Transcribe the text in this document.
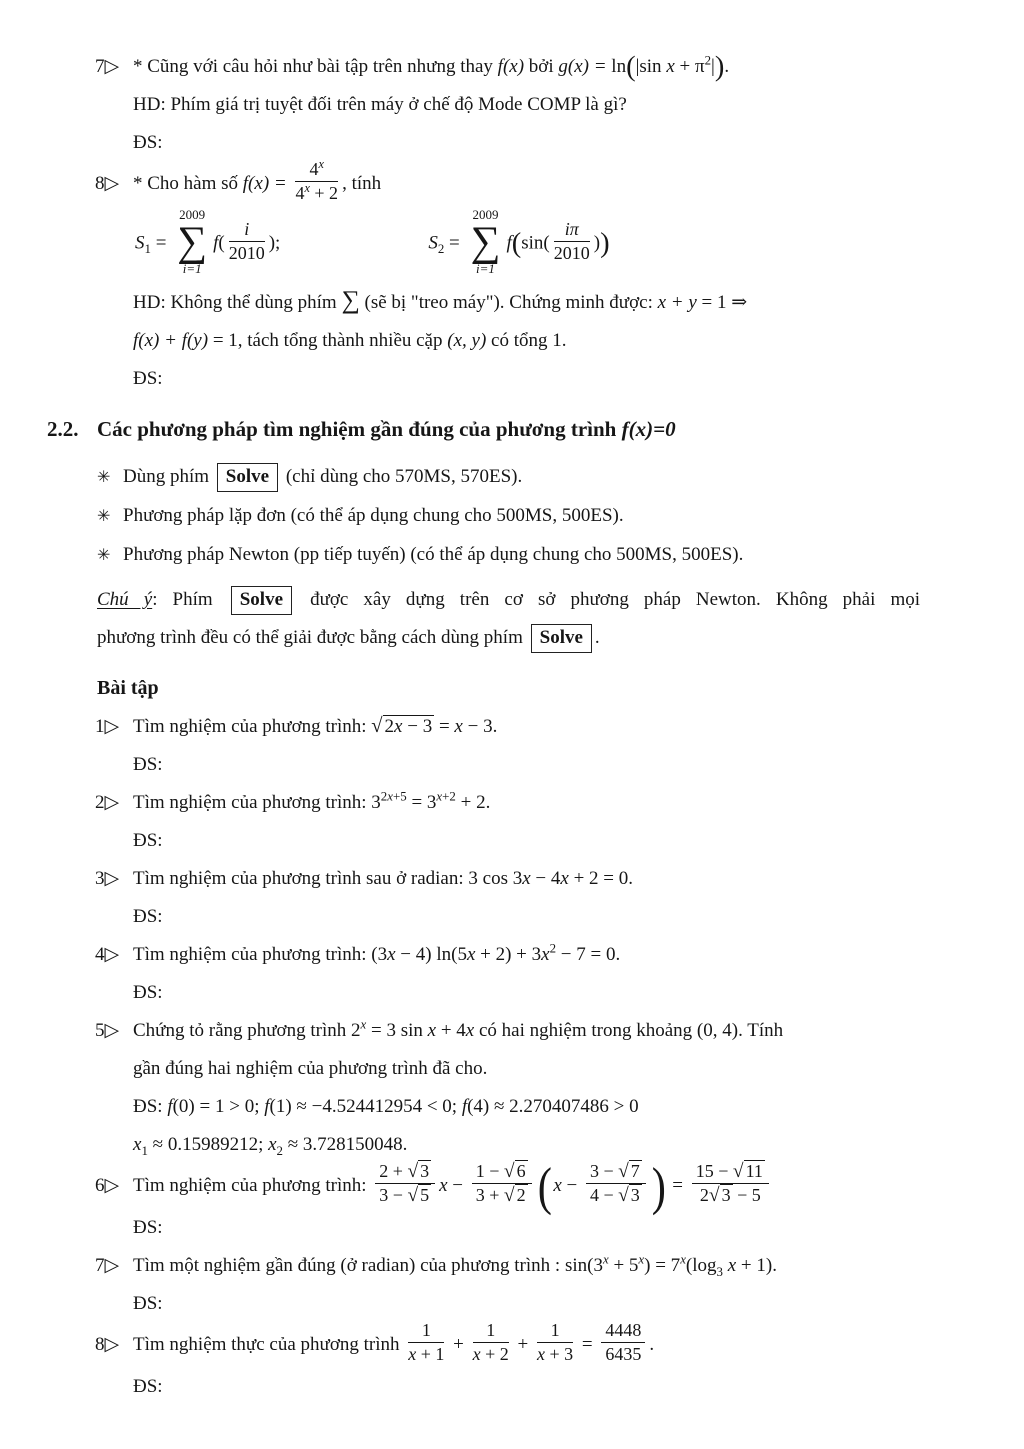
7▷ * Cũng với câu hỏi như bài tập trên nhưng thay f(x) bởi g(x) = ln(|sin $x + \pi^2|$).
HD: Phím giá trị tuyệt đối trên máy ở chế độ Mode COMP là gì?
ĐS:
8▷ * Cho hàm số $f(x) = \frac{4^x}{4^x + 2}$ , tính
$S_1$ =
2009
∑
i=1
$f( \frac{i}{2010}$ );	$S_2$ =
2009
∑
i=1
$f(\sin( \frac{i\pi}{2010}$ ))
HD: Không thể dùng phím ∑ (sẽ bị "treo máy"). Chứng minh được: x + y = 1 ⇒
f(x) + f(y) = 1, tách tổng thành nhiều cặp (x, y) có tổng 1.
ĐS:
2.2. Các phương pháp tìm nghiệm gần đúng của phương trình f(x)=0
✳ Dùng phím Solve (chỉ dùng cho 570MS, 570ES).
✳ Phương pháp lặp đơn (có thể áp dụng chung cho 500MS, 500ES).
✳ Phương pháp Newton (pp tiếp tuyến) (có thể áp dụng chung cho 500MS, 500ES).
Chú ý: Phím Solve được xây dựng trên cơ sở phương pháp Newton. Không phải mọi
phương trình đều có thể giải được bằng cách dùng phím Solve .
Bài tập
1▷ Tìm nghiệm của phương trình: √ 2x − 3 = x − 3.
ĐS:
2▷ Tìm nghiệm của phương trình: $3^{2x+5} = 3^{x+2} + 2$.
ĐS:
3▷ Tìm nghiệm của phương trình sau ở radian: 3 cos 3x − 4x + 2 = 0.
ĐS:
4▷ Tìm nghiệm của phương trình: (3x − 4) $\ln(5x + 2) + 3x^2 - 7 = 0$.
ĐS:
5▷ Chứng tỏ rằng phương trình $2^x = 3$ sin x + 4x có hai nghiệm trong khoảng (0, 4). Tính
gần đúng hai nghiệm của phương trình đã cho.
ĐS: f(0) = 1 > 0; f(1) ≈ −4.524412954 < 0; f(4) ≈ 2.270407486 > 0
$x_1 \approx 0.15989212$; $x_2 \approx 3.728150048$.
6▷ Tìm nghiệm của phương trình: $\frac{2 + √ 3}{3 - √ 5}$ $x - \frac{1 - √ 6}{3 + √ 2} (x - \frac{3 - √ 7}{4 - √ 3}$ ) = $\frac{15 - √ 11}{2√ 3 - 5}$
ĐS:
7▷ Tìm một nghiệm gần đúng (ở radian) của phương trình : $\sin(3^x + 5^x) = 7^x(\log_3$ x + 1).
ĐS:
8▷ Tìm nghiệm thực của phương trình $\frac{1}{x + 1} + \frac{1}{x + 2} + \frac{1}{x + 3} = \frac{4448}{6435}$ .
ĐS:
